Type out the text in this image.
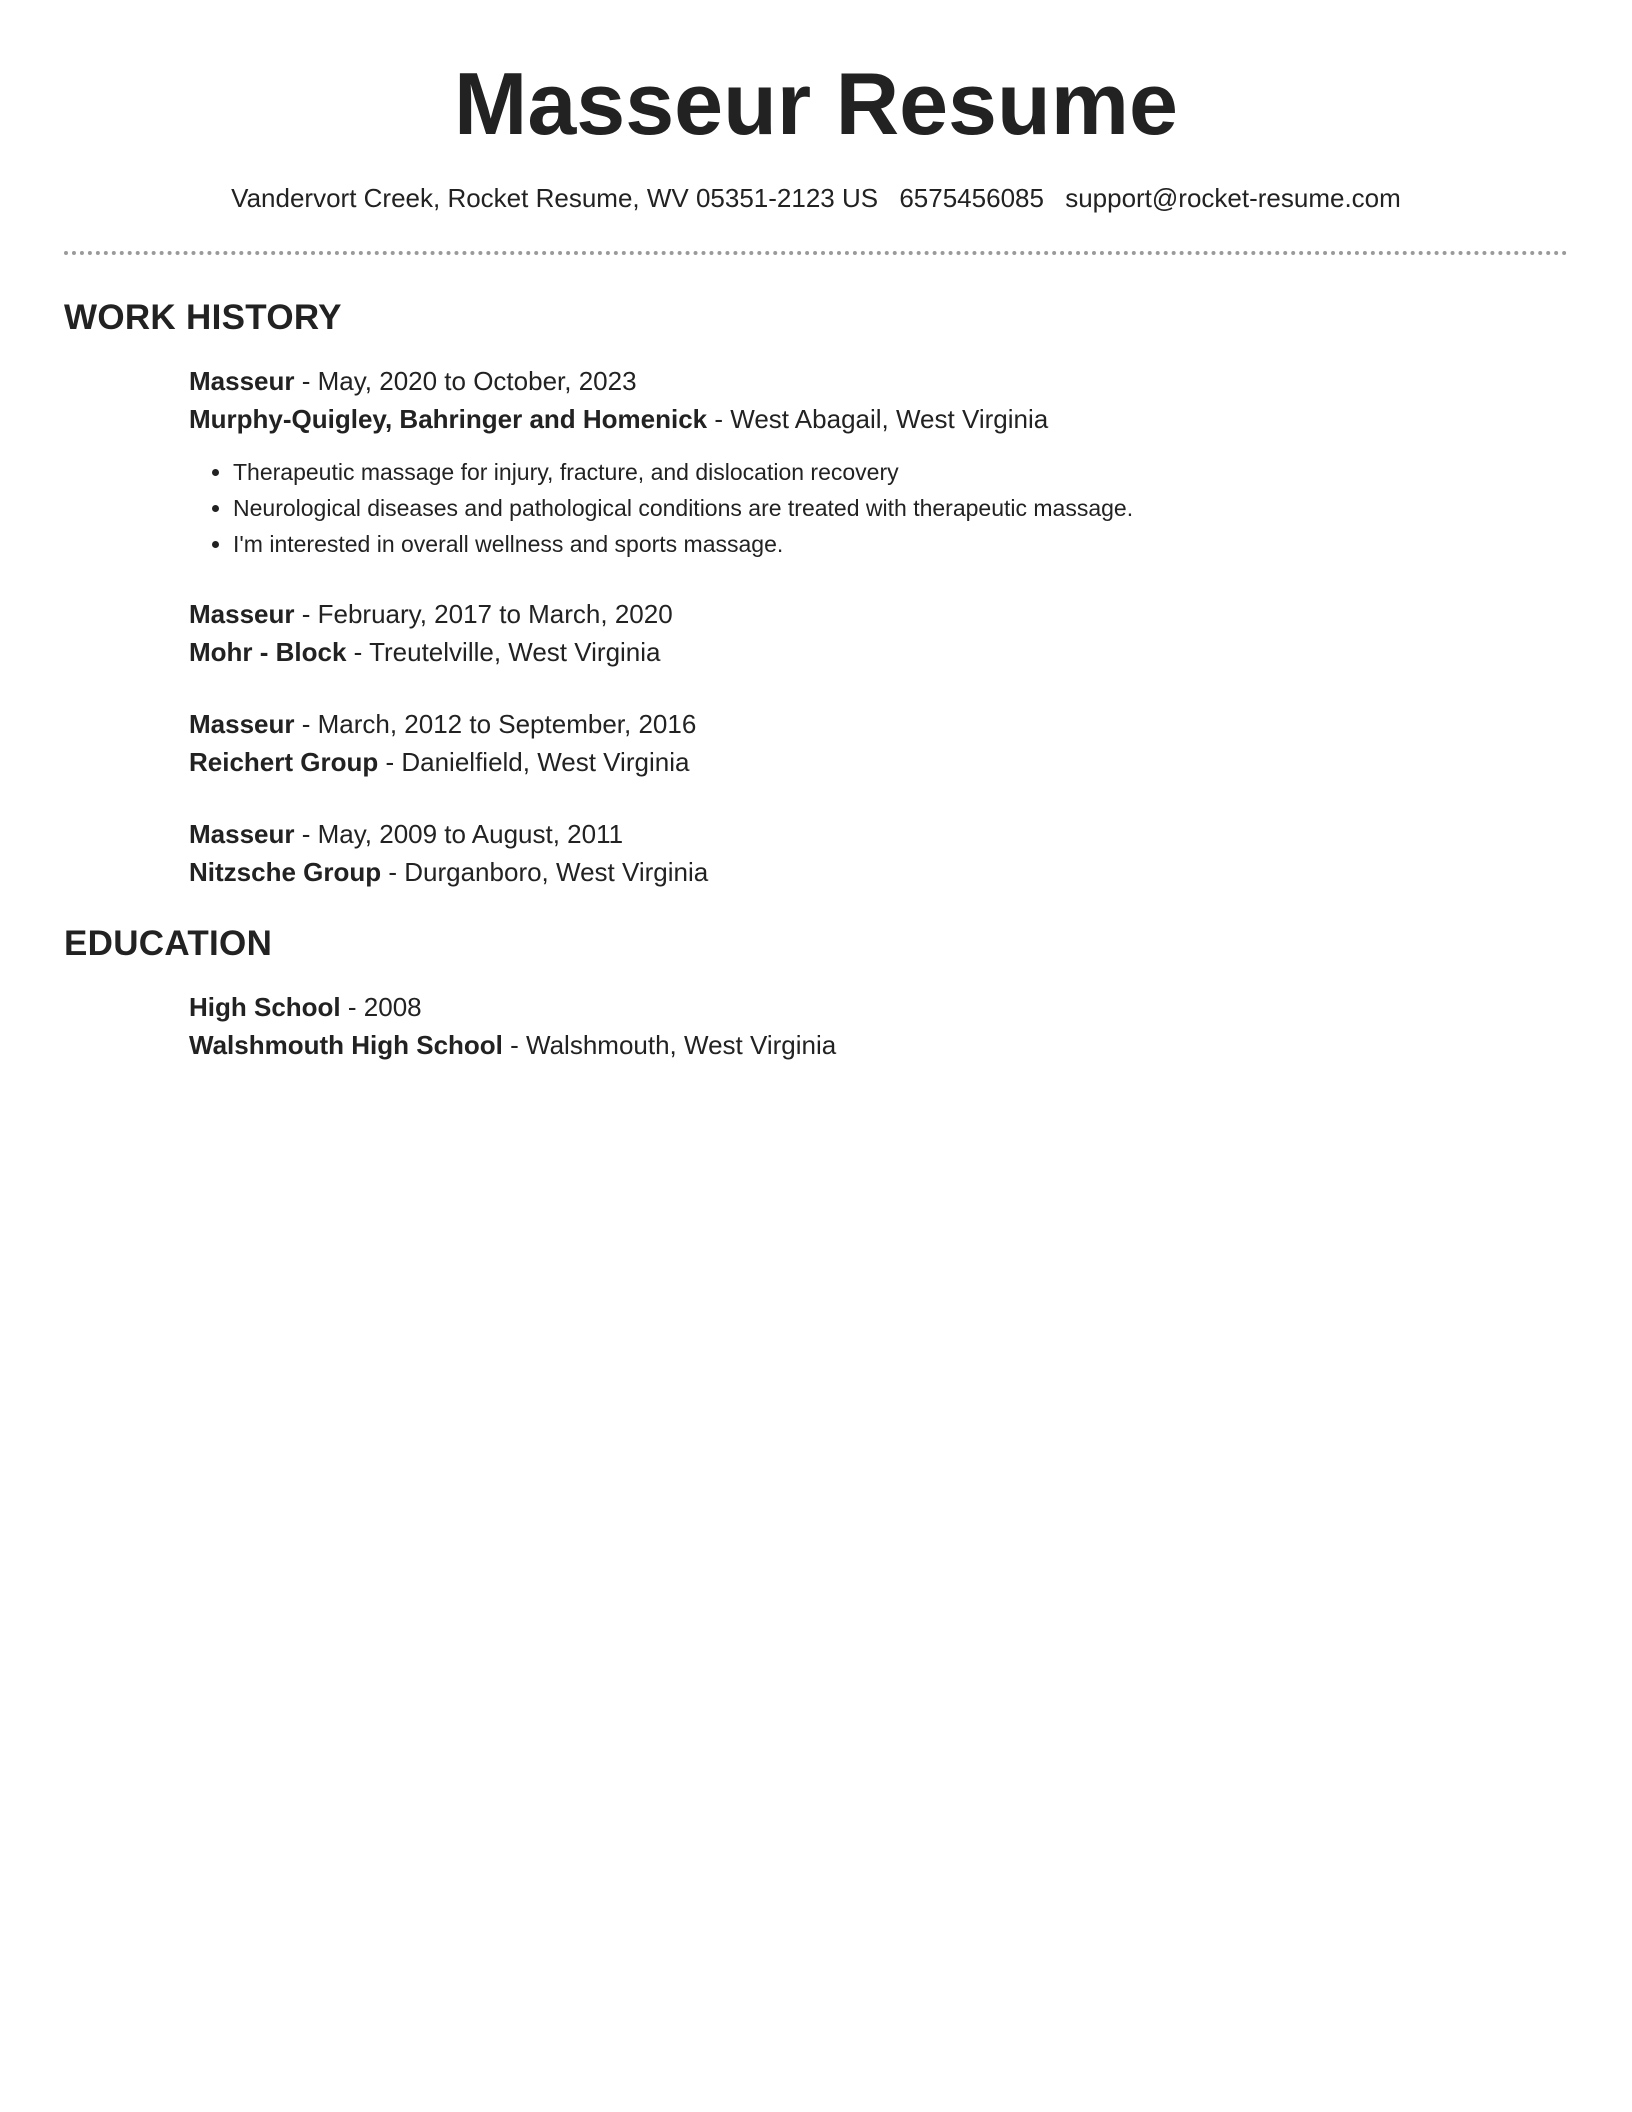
Masseur Resume
Vandervort Creek, Rocket Resume, WV 05351-2123 US 6575456085 support@rocket-resume.com
WORK HISTORY
Masseur - May, 2020 to October, 2023
Murphy-Quigley, Bahringer and Homenick - West Abagail, West Virginia
• Therapeutic massage for injury, fracture, and dislocation recovery
• Neurological diseases and pathological conditions are treated with therapeutic massage.
• I'm interested in overall wellness and sports massage.
Masseur - February, 2017 to March, 2020
Mohr - Block - Treutelville, West Virginia
Masseur - March, 2012 to September, 2016
Reichert Group - Danielfield, West Virginia
Masseur - May, 2009 to August, 2011
Nitzsche Group - Durganboro, West Virginia
EDUCATION
High School - 2008
Walshmouth High School - Walshmouth, West Virginia
